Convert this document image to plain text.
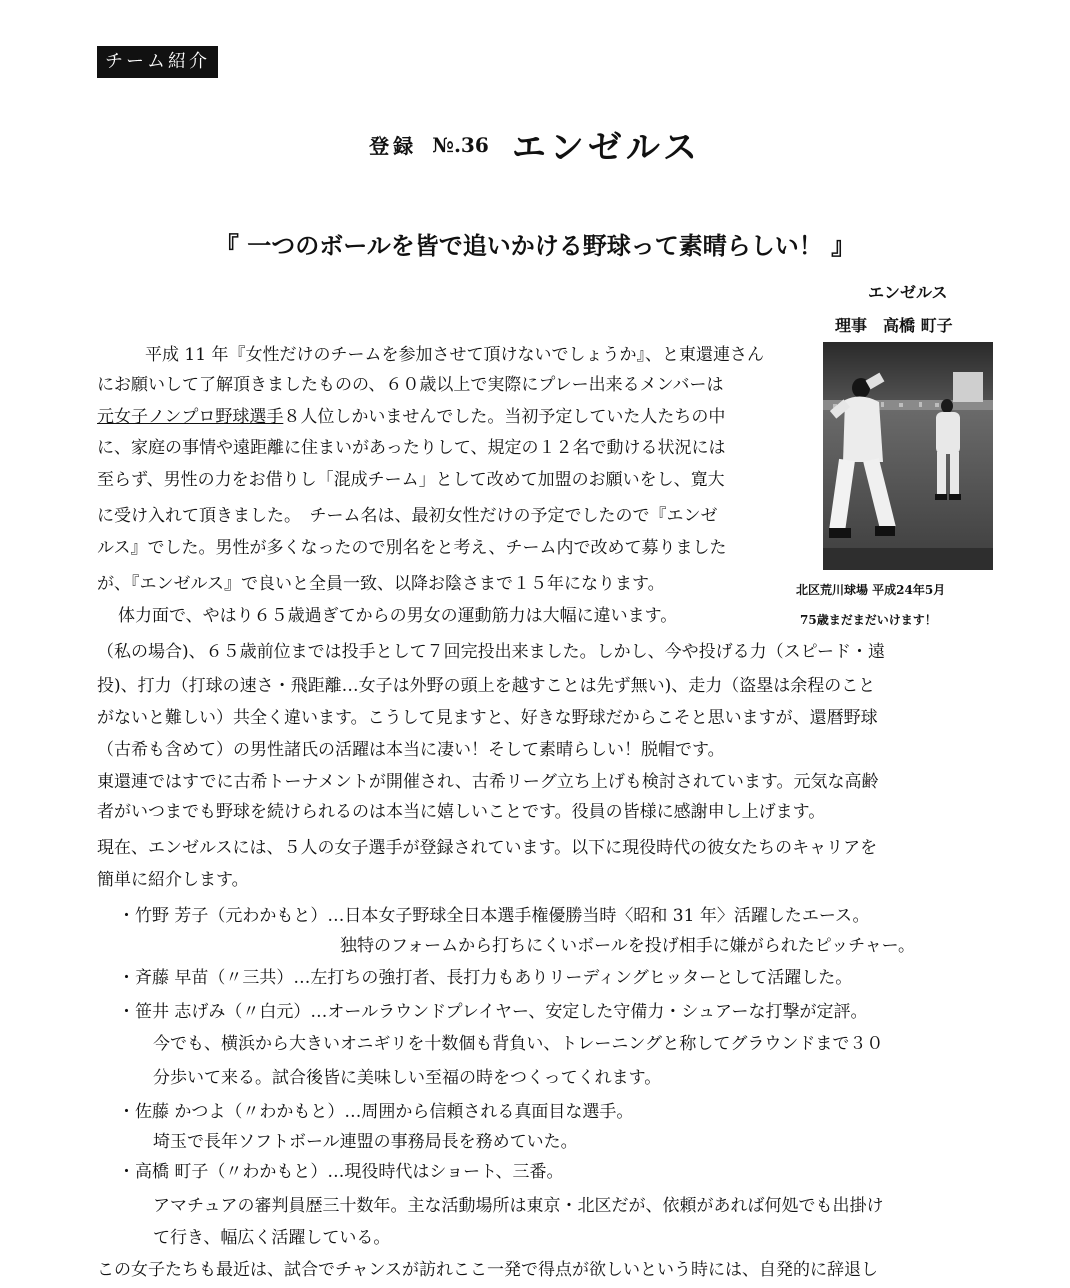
チーム紹介
登録 №.36 エンゼルス
『 一つのボールを皆で追いかける野球って素晴らしい！ 』
エンゼルス
理事　高橋 町子
北区荒川球場 平成24年5月
75歳まだまだいけます！
平成 11 年『女性だけのチームを参加させて頂けないでしょうか』、と東還連さん
にお願いして了解頂きましたものの、６０歳以上で実際にプレー出来るメンバーは
元女子ノンプロ野球選手８人位しかいませんでした。当初予定していた人たちの中
に、家庭の事情や遠距離に住まいがあったりして、規定の１２名で動ける状況には
至らず、男性の力をお借りし「混成チーム」として改めて加盟のお願いをし、寛大
に受け入れて頂きました。　チーム名は、最初女性だけの予定でしたので『エンゼ
ルス』でした。男性が多くなったので別名をと考え、チーム内で改めて募りました
が、『エンゼルス』で良いと全員一致、以降お陰さまで１５年になります。
体力面で、やはり６５歳過ぎてからの男女の運動筋力は大幅に違います。
（私の場合)、６５歳前位までは投手として７回完投出来ました。しかし、今や投げる力（スピード・遠
投)、打力（打球の速さ・飛距離…女子は外野の頭上を越すことは先ず無い)、走力（盗塁は余程のこと
がないと難しい）共全く違います。こうして見ますと、好きな野球だからこそと思いますが、還暦野球
（古希も含めて）の男性諸氏の活躍は本当に凄い！そして素晴らしい！脱帽です。
東還連ではすでに古希トーナメントが開催され、古希リーグ立ち上げも検討されています。元気な高齢
者がいつまでも野球を続けられるのは本当に嬉しいことです。役員の皆様に感謝申し上げます。
現在、エンゼルスには、５人の女子選手が登録されています。以下に現役時代の彼女たちのキャリアを
簡単に紹介します。
・竹野 芳子（元わかもと）…日本女子野球全日本選手権優勝当時〈昭和 31 年〉活躍したエース。
独特のフォームから打ちにくいボールを投げ相手に嫌がられたピッチャー。
・斉藤 早苗（〃三共）…左打ちの強打者、長打力もありリーディングヒッターとして活躍した。
・笹井 志げみ（〃白元）…オールラウンドプレイヤー、安定した守備力・シュアーな打撃が定評。
今でも、横浜から大きいオニギリを十数個も背負い、トレーニングと称してグラウンドまで３０
分歩いて来る。試合後皆に美味しい至福の時をつくってくれます。
・佐藤 かつよ（〃わかもと）…周囲から信頼される真面目な選手。
埼玉で長年ソフトボール連盟の事務局長を務めていた。
・高橋 町子（〃わかもと）…現役時代はショート、三番。
アマチュアの審判員歴三十数年。主な活動場所は東京・北区だが、依頼があれば何処でも出掛け
て行き、幅広く活躍している。
この女子たちも最近は、試合でチャンスが訪れここ一発で得点が欲しいという時には、自発的に辞退し
